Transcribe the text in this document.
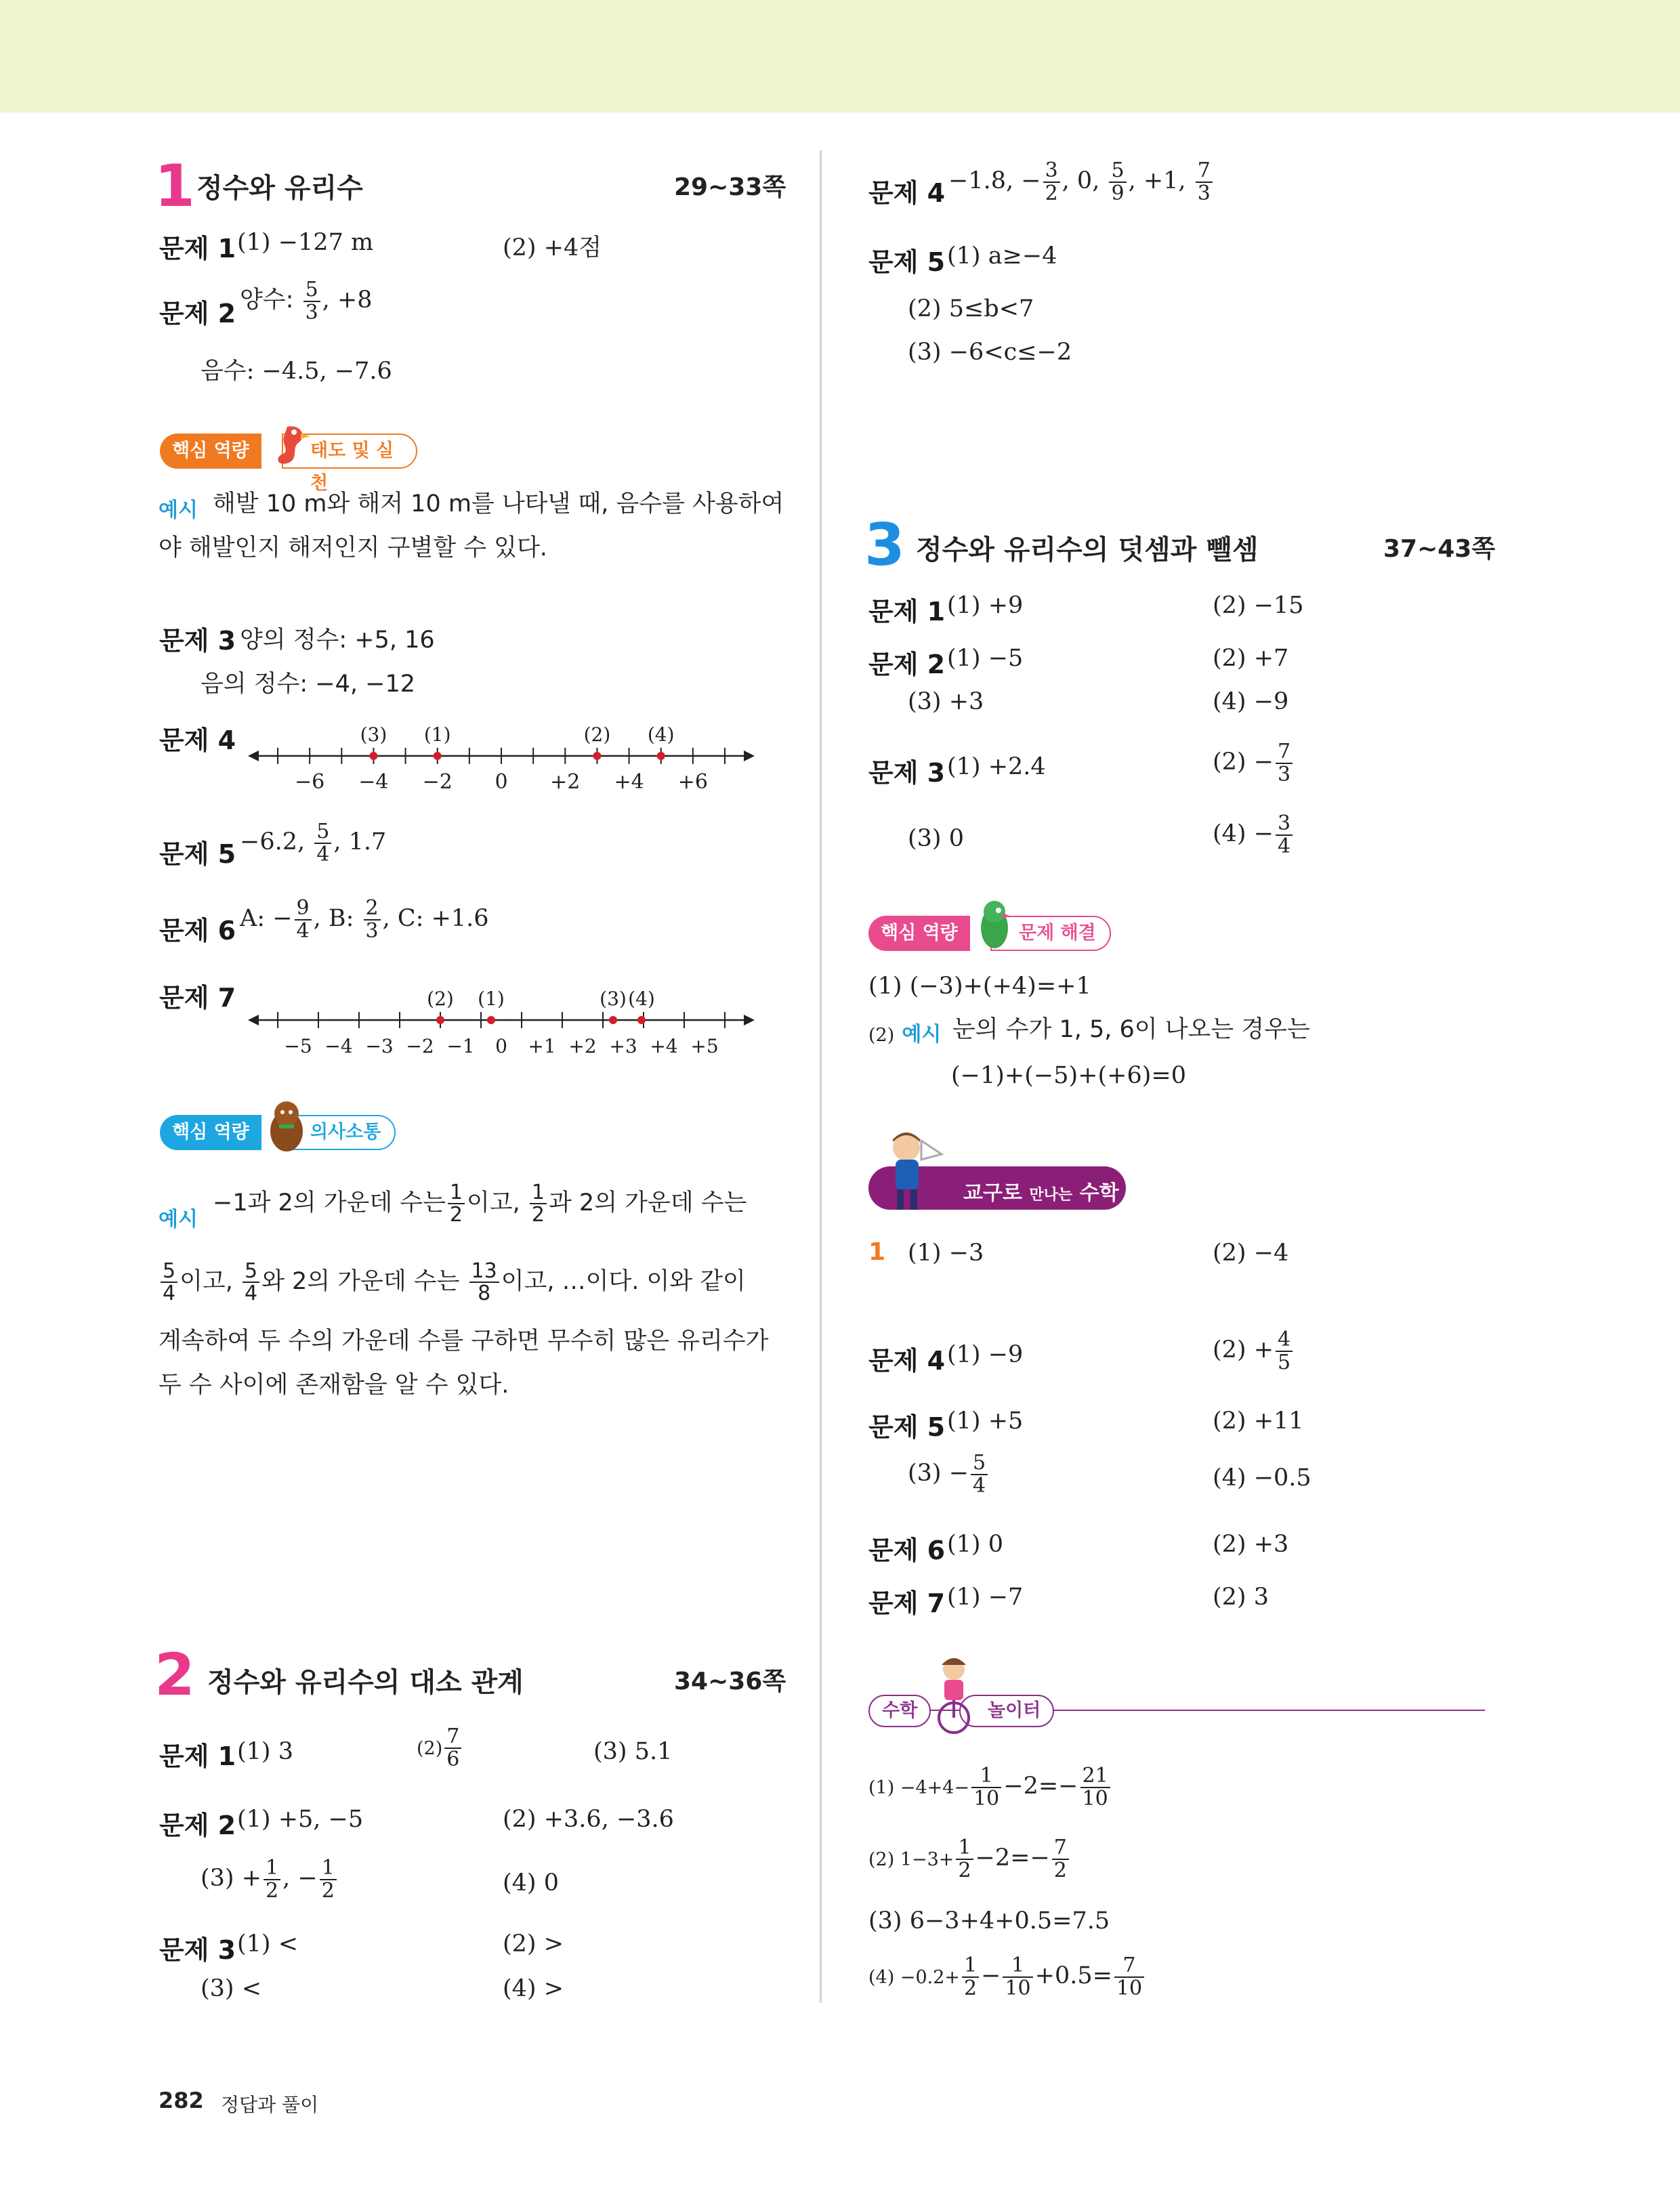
1 정수와 유리수	29~33쪽
문제 1 (1) −127 m	(2) +4점
문제 2 양수: $\frac{5}{3}$ , +8
음수: −4.5, −7.6
핵심 역량	태도 및 실천
예시 해발 10 m와 해저 10 m를 나타낼 때, 음수를 사용하여
야 해발인지 해저인지 구별할 수 있다.
문제 3 양의 정수: +5, 16
음의 정수: −4, −12
문제 4
−6 −4 −2 0 +2 +4 +6
(3) (1)	(2) (4)
문제 5 −6.2, $\frac{5}{4}$ , 1.7
문제 6 A: − $\frac{9}{4}$ , B: $\frac{2}{3}$ , C: +1.6
문제 7
−5 −4 −3 −2 −1 0 +1 +2 +3 +4 +5
(2) (1)	(3) (4)
핵심 역량	의사소통
예시
−1과 2의 가운데 수는 $\frac{1}{2}$ 이고, $\frac{1}{2}$ 과 2의 가운데 수는
$\frac{5}{4}$ 이고, $\frac{5}{4}$ 와 2의 가운데 수는 $\frac{13}{8}$ 이고, …이다. 이와 같이
계속하여 두 수의 가운데 수를 구하면 무수히 많은 유리수가
두 수 사이에 존재함을 알 수 있다.
2 정수와 유리수의 대소 관계	34~36쪽
문제 1 (1) 3	$(2) \frac{7}{6}$	(3) 5.1
문제 2 (1) +5, −5	(2) +3.6, −3.6
$(3) + \frac{1}{2}$ , − $\frac{1}{2}$	(4) 0
문제 3 (1) <	(2) >
(3) <	(4) >
282 정답과 풀이
문제 4 −1.8, − $\frac{3}{2}$ , 0, $\frac{5}{9}$ , +1, $\frac{7}{3}$
문제 5 (1) a≥−4
(2) 5≤b<7
(3) −6<c≤−2
3 정수와 유리수의 덧셈과 뺄셈	37~43쪽
문제 1 (1) +9	(2) −15
문제 2 (1) −5	(2) +7
(3) +3	(4) −9
문제 3 (1) +2.4	$(2) - \frac{7}{3}$
(3) 0	$(4) - \frac{3}{4}$
핵심 역량	문제 해결
(1) (−3)+(+4)=+1
(2) 예시 눈의 수가 1, 5, 6이 나오는 경우는
(−1)+(−5)+(+6)=0
교구로 만나는 수학
1 (1) −3	(2) −4
문제 4 (1) −9	$(2) + \frac{4}{5}$
문제 5 (1) +5	(2) +11
$(3) - \frac{5}{4}$	(4) −0.5
문제 6 (1) 0	(2) +3
문제 7 (1) −7	(2) 3
수학	놀이터
$(1) -4+4- \frac{1}{10} -2=- \frac{21}{10}$
(2) $1-3+ \frac{1}{2} -2=- \frac{7}{2}$
(3) 6−3+4+0.5=7.5
$(4) -0.2+ \frac{1}{2} - \frac{1}{10} +0.5= \frac{7}{10}$
